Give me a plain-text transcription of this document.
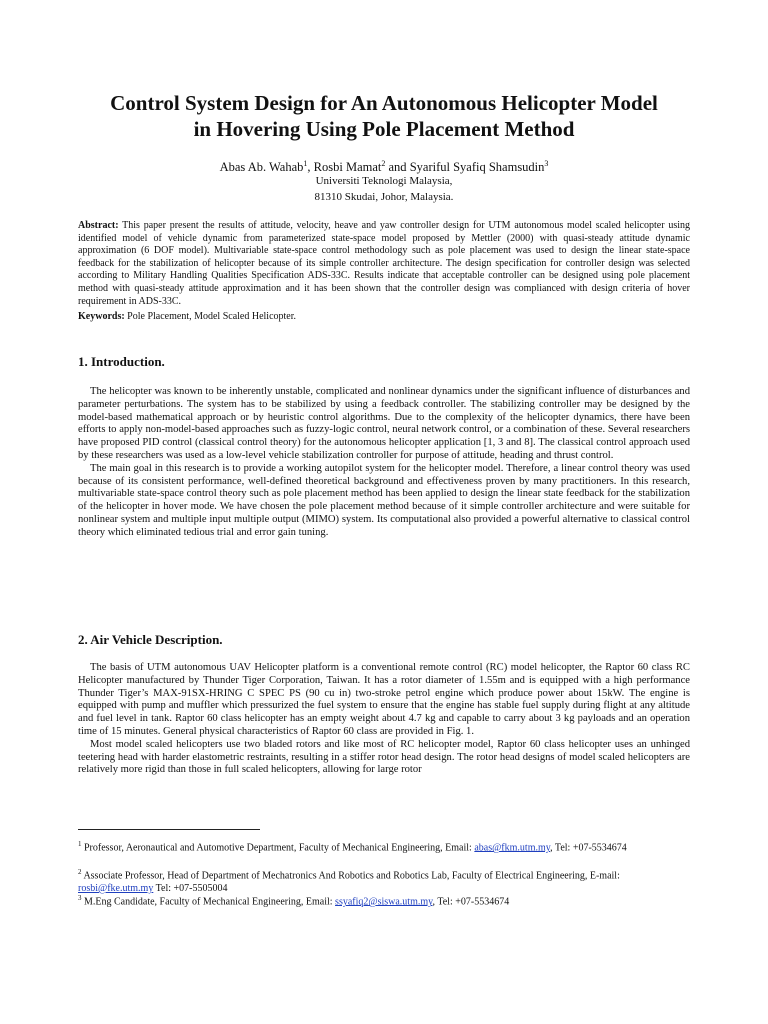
Control System Design for An Autonomous Helicopter Model
in Hovering Using Pole Placement Method
Abas Ab. Wahab$^1$, Rosbi Mamat$^2$ and Syariful Syafiq Shamsudin$^3$
Universiti Teknologi Malaysia,
81310 Skudai, Johor, Malaysia.
Abstract: This paper present the results of attitude, velocity, heave and yaw controller design for UTM autonomous model scaled helicopter using identified model of vehicle dynamic from parameterized state-space model proposed by Mettler (2000) with quasi-steady attitude dynamic approximation (6 DOF model). Multivariable state-space control methodology such as pole placement was used to design the linear state-space feedback for the stabilization of helicopter because of its simple controller architecture. The design specification for controller design was selected according to Military Handling Qualities Specification ADS-33C. Results indicate that acceptable controller can be designed using pole placement method with quasi-steady attitude approximation and it has been shown that the controller design was complianced with design criteria of hover requirement in ADS-33C.
Keywords: Pole Placement, Model Scaled Helicopter.
1. Introduction.

The helicopter was known to be inherently unstable, complicated and nonlinear dynamics under the significant influence of disturbances and parameter perturbations. The system has to be stabilized by using a feedback controller. The stabilizing controller may be designed by the model-based mathematical approach or by heuristic control algorithms. Due to the complexity of the helicopter dynamics, there have been efforts to apply non-model-based approaches such as fuzzy-logic control, neural network control, or a combination of these. Several researchers have proposed PID control (classical control theory) for the autonomous helicopter application [1, 3 and 8]. The classical control approach used by these researchers was used as a low-level vehicle stabilization controller for purpose of attitude, heading and thrust control.

The main goal in this research is to provide a working autopilot system for the helicopter model. Therefore, a linear control theory was used because of its consistent performance, well-defined theoretical background and effectiveness proven by many practitioners. In this research, multivariable state-space control theory such as pole placement method has been applied to design the linear state feedback for the stabilization of the helicopter in hover mode. We have chosen the pole placement method because of it simple controller architecture and were suitable for nonlinear system and multiple input multiple output (MIMO) system. Its computational also provided a powerful alternative to classical control theory which eliminated tedious trial and error gain tuning.

2. Air Vehicle Description.

The basis of UTM autonomous UAV Helicopter platform is a conventional remote control (RC) model helicopter, the Raptor 60 class RC Helicopter manufactured by Thunder Tiger Corporation, Taiwan. It has a rotor diameter of 1.55m and is equipped with a high performance Thunder Tiger’s MAX-91SX-HRING C SPEC PS (90 cu in) two-stroke petrol engine which produce power about 15kW. The engine is equipped with pump and muffler which pressurized the fuel system to ensure that the engine has stable fuel supply during flight at any altitude and fuel level in tank. Raptor 60 class helicopter has an empty weight about 4.7 kg and capable to carry about 3 kg payloads and an operation time of 15 minutes. General physical characteristics of Raptor 60 class are provided in Fig. 1.

Most model scaled helicopters use two bladed rotors and like most of RC helicopter model, Raptor 60 class helicopter uses an unhinged teetering head with harder elastometric restraints, resulting in a stiffer rotor head design. The rotor head designs of model scaled helicopters are relatively more rigid than those in full scaled helicopters, allowing for large rotor

$^1$ Professor, Aeronautical and Automotive Department, Faculty of Mechanical Engineering, Email: abas@fkm.utm.my, Tel: +07-5534674
$^2$ Associate Professor, Head of Department of Mechatronics And Robotics and Robotics Lab, Faculty of Electrical Engineering, E-mail: rosbi@fke.utm.my Tel: +07-5505004
$^3$ M.Eng Candidate, Faculty of Mechanical Engineering, Email: ssyafiq2@siswa.utm.my, Tel: +07-5534674
